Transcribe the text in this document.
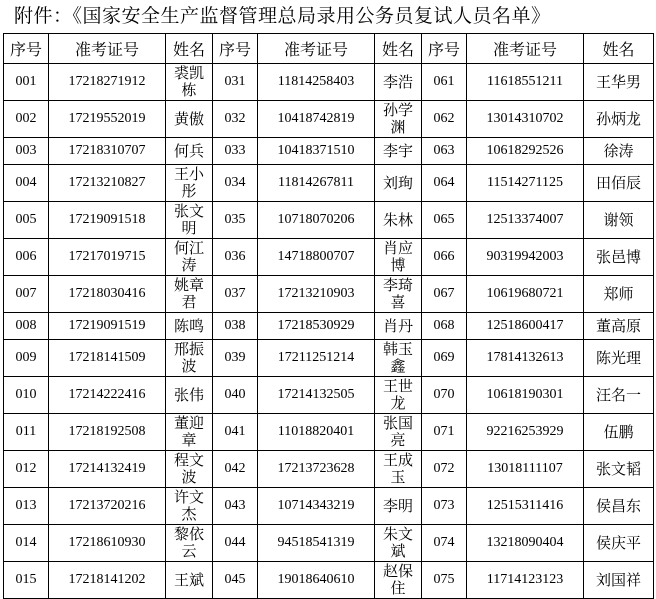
附件：《国家安全生产监督管理总局录用公务员复试人员名单》
序号	准考证号	姓名	序号	准考证号	姓名	序号	准考证号	姓名
001	17218271912	裘凯栋	031	11814258403	李浩	061	11618551211	王华男
002	17219552019	黄傲	032	10418742819	孙学渊	062	13014310702	孙炳龙
003	17218310707	何兵	033	10418371510	李宇	063	10618292526	徐涛
004	17213210827	王小彤	034	11814267811	刘珣	064	11514271125	田佰辰
005	17219091518	张文明	035	10718070206	朱林	065	12513374007	谢领
006	17217019715	何江涛	036	14718800707	肖应博	066	90319942003	张邑博
007	17218030416	姚章君	037	17213210903	李琦喜	067	10619680721	郑师
008	17219091519	陈鸣	038	17218530929	肖丹	068	12518600417	董高原
009	17218141509	邢振波	039	17211251214	韩玉鑫	069	17814132613	陈光理
010	17214222416	张伟	040	17214132505	王世龙	070	10618190301	汪名一
011	17218192508	董迎章	041	11018820401	张国亮	071	92216253929	伍鹏
012	17214132419	程文波	042	17213723628	王成玉	072	13018111107	张文韬
013	17213720216	许文杰	043	10714343219	李明	073	12515311416	侯昌东
014	17218610930	黎依云	044	94518541319	朱文斌	074	13218090404	侯庆平
015	17218141202	王斌	045	19018640610	赵保住	075	11714123123	刘国祥
